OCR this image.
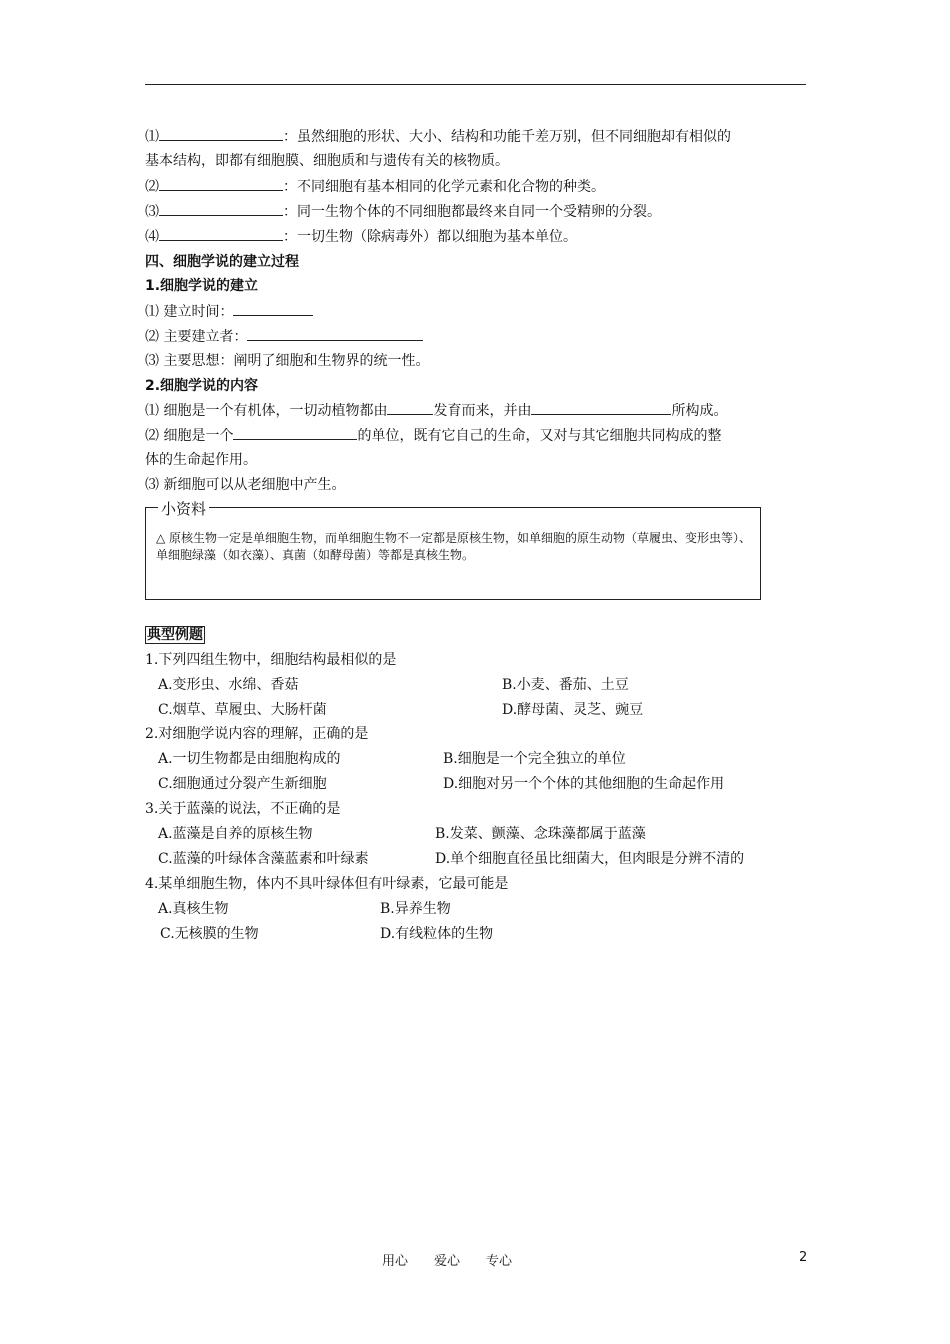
⑴	：虽然细胞的形状、大小、结构和功能千差万别，但不同细胞却有相似的
基本结构，即都有细胞膜、细胞质和与遗传有关的核物质。
⑵	：不同细胞有基本相同的化学元素和化合物的种类。
⑶	：同一生物个体的不同细胞都最终来自同一个受精卵的分裂。
⑷	：一切生物（除病毒外）都以细胞为基本单位。
四、细胞学说的建立过程
1.细胞学说的建立
⑴ 建立时间：
⑵ 主要建立者：
⑶ 主要思想：阐明了细胞和生物界的统一性。
2.细胞学说的内容
⑴ 细胞是一个有机体，一切动植物都由	发育而来，并由	所构成。
⑵ 细胞是一个	的单位，既有它自己的生命，又对与其它细胞共同构成的整
体的生命起作用。
⑶ 新细胞可以从老细胞中产生。
小资料
△ 原核生物一定是单细胞生物，而单细胞生物不一定都是原核生物，如单细胞的原生动物（草履虫、变形虫等）、单细胞绿藻（如衣藻）、真菌（如酵母菌）等都是真核生物。
典型例题
1.下列四组生物中，细胞结构最相似的是
A.变形虫、水绵、香菇	B.小麦、番茄、土豆
C.烟草、草履虫、大肠杆菌	D.酵母菌、灵芝、豌豆
2.对细胞学说内容的理解，正确的是
A.一切生物都是由细胞构成的	B.细胞是一个完全独立的单位
C.细胞通过分裂产生新细胞	D.细胞对另一个个体的其他细胞的生命起作用
3.关于蓝藻的说法，不正确的是
A.蓝藻是自养的原核生物	B.发菜、颤藻、念珠藻都属于蓝藻
C.蓝藻的叶绿体含藻蓝素和叶绿素	D.单个细胞直径虽比细菌大，但肉眼是分辨不清的
4.某单细胞生物，体内不具叶绿体但有叶绿素，它最可能是
A.真核生物	B.异养生物
C.无核膜的生物	D.有线粒体的生物
用心　　爱心　　专心	2
